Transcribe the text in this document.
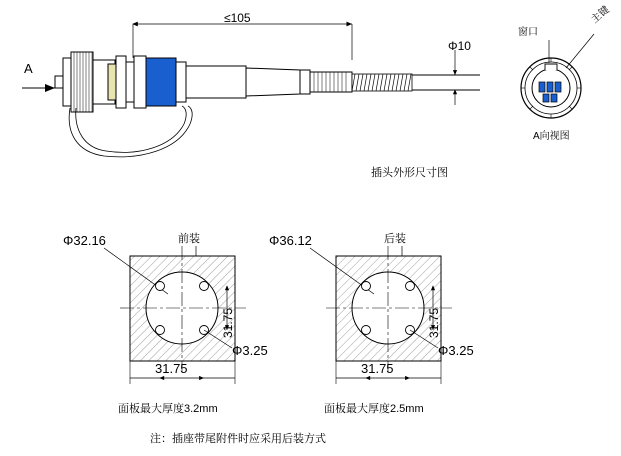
≤105
A
Φ10
插头外形尺寸图
窗口
主键
A向视图
Φ32.16	前装
31.75
Φ3.25
31.75
面板最大厚度3.2mm
Φ36.12	后装
31.75
Φ3.25
31.75
面板最大厚度2.5mm
注：插座带尾附件时应采用后装方式
